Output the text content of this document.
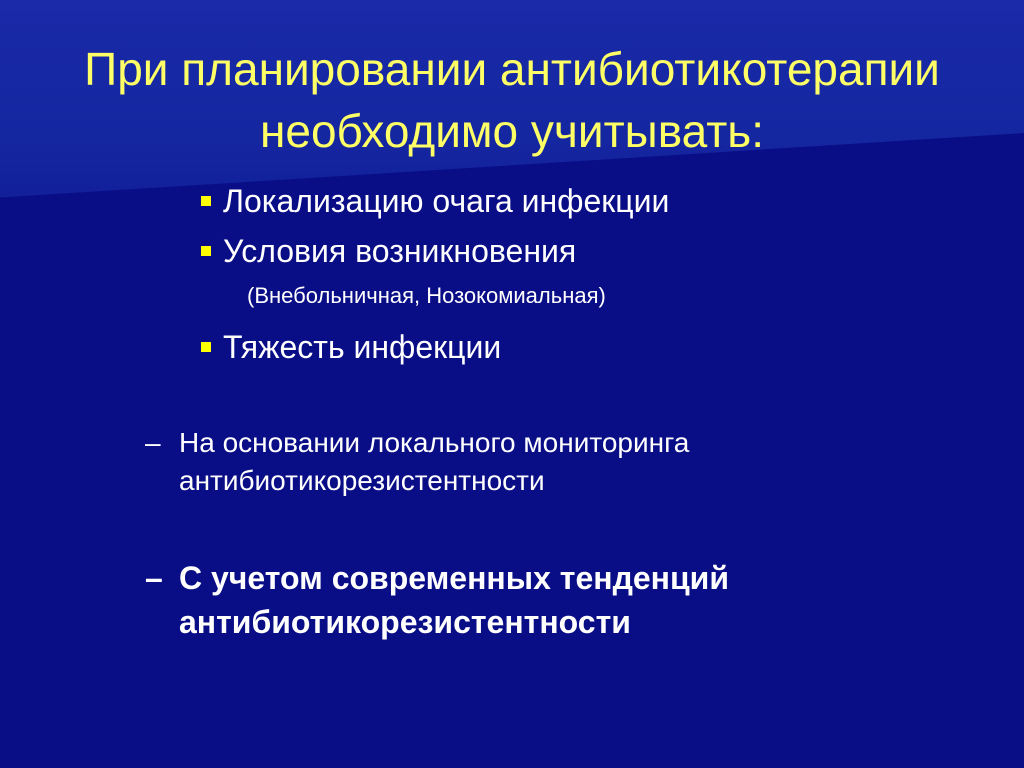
При планировании антибиотикотерапии
необходимо учитывать:
Локализацию очага инфекции
Условия возникновения
(Внебольничная, Нозокомиальная)
Тяжесть инфекции
– На основании локального мониторинга
антибиотикорезистентности
– С учетом современных тенденций
антибиотикорезистентности
